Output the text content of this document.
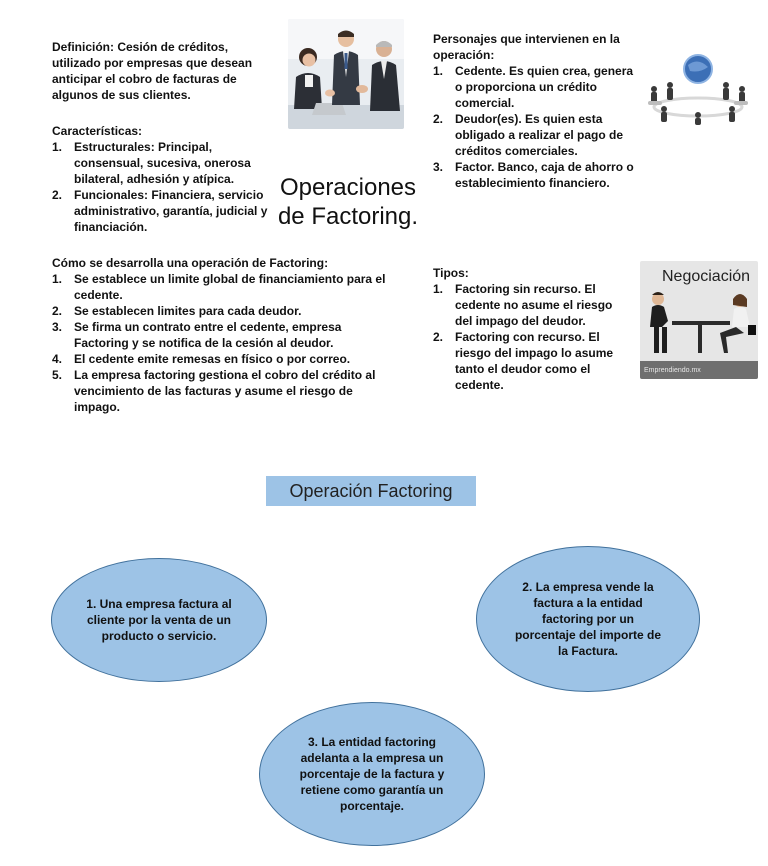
Definición: Cesión de créditos, utilizado por empresas que desean anticipar el cobro de facturas de algunos de sus clientes.

Características:

1. Estructurales: Principal, consensual, sucesiva, onerosa bilateral, adhesión y atípica.
2. Funcionales: Financiera, servicio administrativo, garantía, judicial y financiación.

Cómo se desarrolla una operación de Factoring:

1. Se establece un limite global de financiamiento para el cedente.
2. Se establecen limites para cada deudor.
3. Se firma un contrato entre el cedente, empresa Factoring y se notifica de la cesión al deudor.
4. El cedente emite remesas en físico o por correo.
5. La empresa factoring gestiona el cobro del crédito al vencimiento de las facturas y asume el riesgo de impago.
Operaciones
de Factoring.

Personajes que intervienen en la operación:

1. Cedente. Es quien crea, genera o proporciona un crédito comercial.
2. Deudor(es). Es quien esta obligado a realizar el pago de créditos comerciales.
3. Factor. Banco, caja de ahorro o establecimiento financiero.

Tipos:

1. Factoring sin recurso. El cedente no asume el riesgo del impago del deudor.
2. Factoring con recurso. El riesgo del impago lo asume tanto el deudor como el cedente.
Negociación
Emprendiendo.mx
Operación Factoring
1. Una empresa factura al cliente por la venta de un producto o servicio.
2. La empresa vende la factura a la entidad factoring por un porcentaje del importe de la Factura.
3. La entidad factoring adelanta a la empresa un porcentaje de la factura y retiene como garantía un porcentaje.
